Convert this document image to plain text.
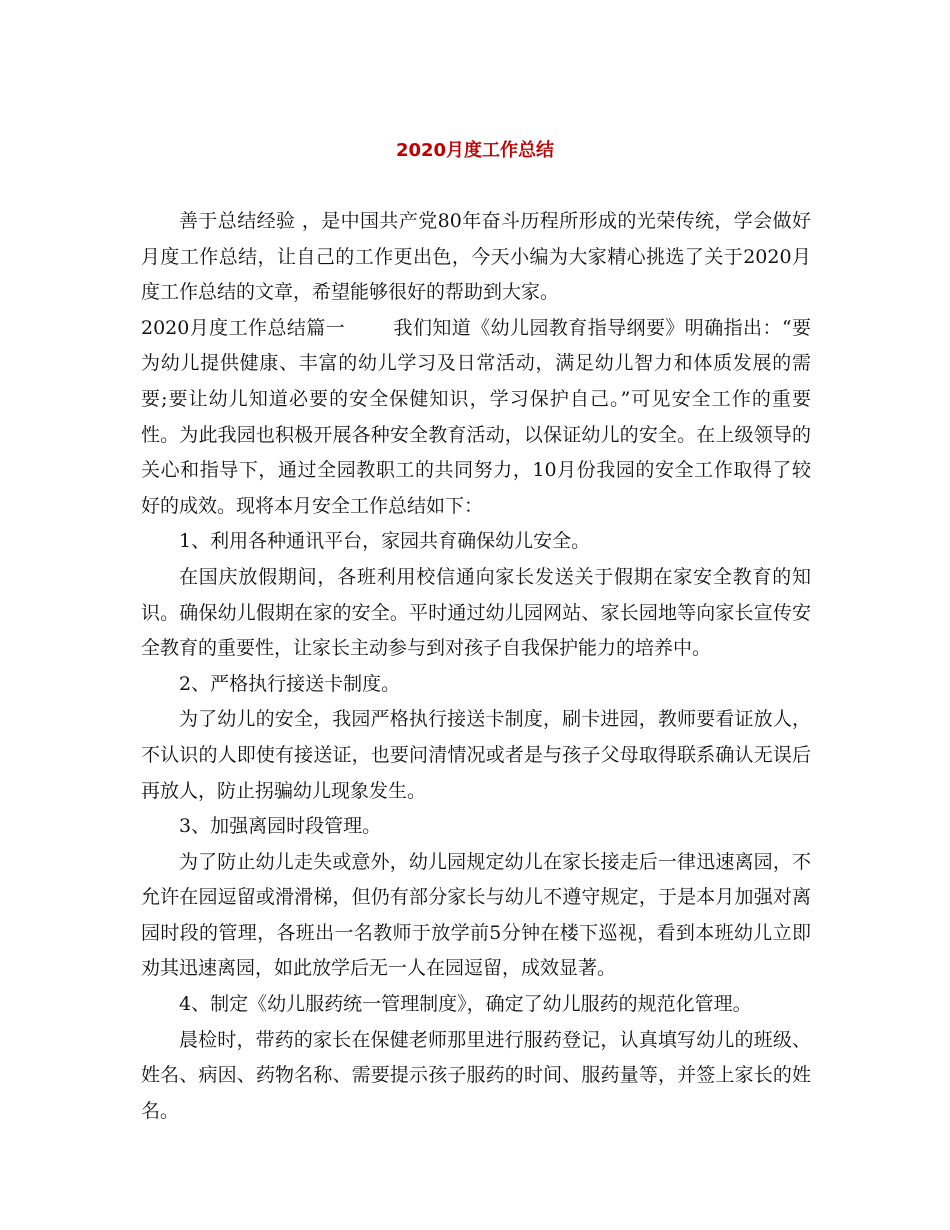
2020月度工作总结

善于总结经验 ，是中国共产党80年奋斗历程所形成的光荣传统，学会做好月度工作总结，让自己的工作更出色，今天小编为大家精心挑选了关于2020月度工作总结的文章，希望能够很好的帮助到大家。

2020月度工作总结篇一	我们知道《幼儿园教育指导纲要》明确指出：“要为幼儿提供健康、丰富的幼儿学习及日常活动，满足幼儿智力和体质发展的需要;要让幼儿知道必要的安全保健知识，学习保护自己。”可见安全工作的重要性。为此我园也积极开展各种安全教育活动，以保证幼儿的安全。在上级领导的关心和指导下，通过全园教职工的共同努力，10月份我园的安全工作取得了较好的成效。现将本月安全工作总结如下：

1、利用各种通讯平台，家园共育确保幼儿安全。

在国庆放假期间，各班利用校信通向家长发送关于假期在家安全教育的知识。确保幼儿假期在家的安全。平时通过幼儿园网站、家长园地等向家长宣传安全教育的重要性，让家长主动参与到对孩子自我保护能力的培养中。

2、严格执行接送卡制度。

为了幼儿的安全，我园严格执行接送卡制度，刷卡进园，教师要看证放人，不认识的人即使有接送证，也要问清情况或者是与孩子父母取得联系确认无误后再放人，防止拐骗幼儿现象发生。

3、加强离园时段管理。

为了防止幼儿走失或意外，幼儿园规定幼儿在家长接走后一律迅速离园，不允许在园逗留或滑滑梯，但仍有部分家长与幼儿不遵守规定，于是本月加强对离园时段的管理，各班出一名教师于放学前5分钟在楼下巡视，看到本班幼儿立即劝其迅速离园，如此放学后无一人在园逗留，成效显著。

4、制定《幼儿服药统一管理制度》，确定了幼儿服药的规范化管理。

晨检时，带药的家长在保健老师那里进行服药登记，认真填写幼儿的班级、姓名、病因、药物名称、需要提示孩子服药的时间、服药量等，并签上家长的姓名。
